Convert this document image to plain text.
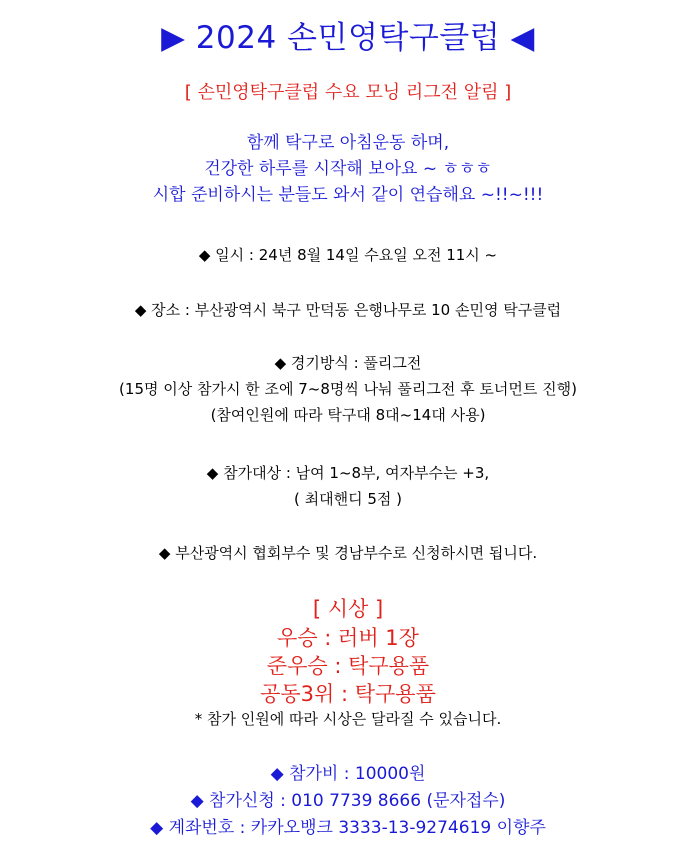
▶ 2024 손민영탁구클럽 ◀
[ 손민영탁구클럽 수요 모닝 리그전 알림 ]
함께 탁구로 아침운동 하며,
건강한 하루를 시작해 보아요 ~ ㅎㅎㅎ
시합 준비하시는 분들도 와서 같이 연습해요 ~!!~!!!
◆ 일시 : 24년 8월 14일 수요일 오전 11시 ~
◆ 장소 : 부산광역시 북구 만덕동 은행나무로 10 손민영 탁구클럽
◆ 경기방식 : 풀리그전
(15명 이상 참가시 한 조에 7~8명씩 나눠 풀리그전 후 토너먼트 진행)
(참여인원에 따라 탁구대 8대~14대 사용)
◆ 참가대상 : 남여 1~8부, 여자부수는 +3,
( 최대핸디 5점 )
◆ 부산광역시 협회부수 및 경남부수로 신청하시면 됩니다.
[ 시상 ]
우승 : 러버 1장
준우승 : 탁구용품
공동3위 : 탁구용품
* 참가 인원에 따라 시상은 달라질 수 있습니다.
◆ 참가비 : 10000원
◆ 참가신청 : 010 7739 8666 (문자접수)
◆ 계좌번호 : 카카오뱅크 3333-13-9274619 이향주
